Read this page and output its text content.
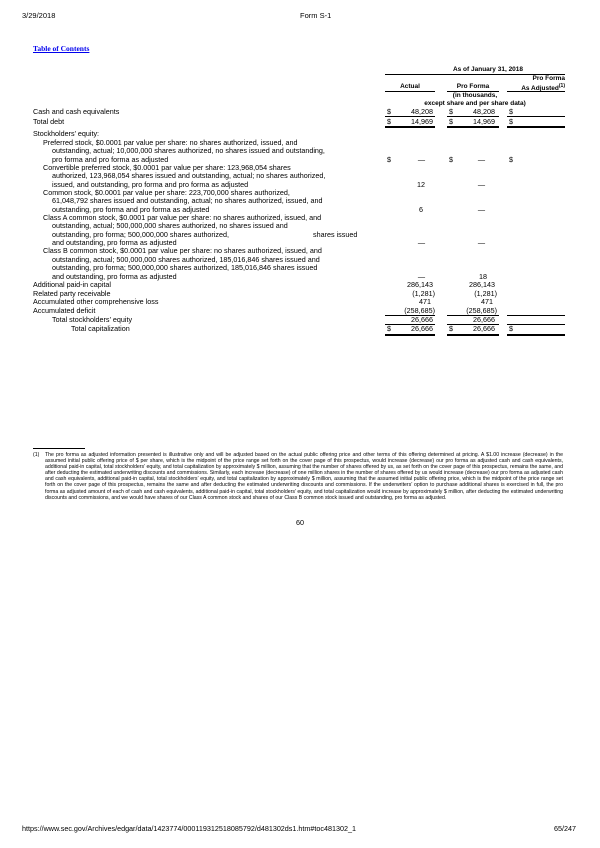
3/29/2018	Form S-1
Table of Contents
As of January 31, 2018
Pro Forma
Actual	Pro Forma	As Adjusted$^{(1)}$
(in thousands,
except share and per share data)
Cash and cash equivalents	$	48,208 $	48,208 $
Total debt	$	14,969 $	14,969 $
Stockholders’ equity:
Preferred stock, $0.0001 par value per share: no shares authorized, issued, and
outstanding, actual; 10,000,000 shares authorized, no shares issued and outstanding,
pro forma and pro forma as adjusted	$	—	$	—	$
Convertible preferred stock, $0.0001 par value per share: 123,968,054 shares
authorized, 123,968,054 shares issued and outstanding, actual; no shares authorized,
issued, and outstanding, pro forma and pro forma as adjusted	12	—
Common stock, $0.0001 par value per share: 223,700,000 shares authorized,
61,048,792 shares issued and outstanding, actual; no shares authorized, issued, and
outstanding, pro forma and pro forma as adjusted	6	—
Class A common stock, $0.0001 par value per share: no shares authorized, issued, and
outstanding, actual; 500,000,000 shares authorized, no shares issued and
outstanding, pro forma; 500,000,000 shares authorized,	shares issued
and outstanding, pro forma as adjusted	—	—
Class B common stock, $0.0001 par value per share: no shares authorized, issued, and
outstanding, actual; 500,000,000 shares authorized, 185,016,846 shares issued and
outstanding, pro forma; 500,000,000 shares authorized, 185,016,846 shares issued
and outstanding, pro forma as adjusted	—	18
Additional paid-in capital	286,143	286,143
Related party receivable	(1,281)	(1,281)
Accumulated other comprehensive loss	471	471
Accumulated deficit	(258,685)	(258,685)
Total stockholders’ equity	26,666	26,666
Total capitalization	$	26,666 $	26,666 $
(1) The pro forma as adjusted information presented is illustrative only and will be adjusted based on the actual public offering price and other terms of this offering determined at pricing. A $1.00 increase (decrease) in the assumed initial public offering price of $ per share, which is the midpoint of the price range set forth on the cover page of this prospectus, would increase (decrease) our pro forma as adjusted cash and cash equivalents, additional paid-in capital, total stockholders’ equity, and total capitalization by approximately $ million, assuming that the number of shares offered by us, as set forth on the cover page of this prospectus, remains the same, and after deducting the estimated underwriting discounts and commissions. Similarly, each increase (decrease) of one million shares in the number of shares offered by us would increase (decrease) our pro forma as adjusted cash and cash equivalents, additional paid-in capital, total stockholders’ equity, and total capitalization by approximately $ million, assuming that the assumed initial public offering price, which is the midpoint of the price range set forth on the cover page of this prospectus, remains the same and after deducting the estimated underwriting discounts and commissions. If the underwriters’ option to purchase additional shares is exercised in full, the pro forma as adjusted amount of each of cash and cash equivalents, additional paid-in capital, total stockholders’ equity, and total capitalization would increase by approximately $ million, after deducting the estimated underwriting discounts and commissions, and we would have shares of our Class A common stock and shares of our Class B common stock issued and outstanding, pro forma as adjusted.
60
https://www.sec.gov/Archives/edgar/data/1423774/000119312518085792/d481302ds1.htm#toc481302_1	65/247
